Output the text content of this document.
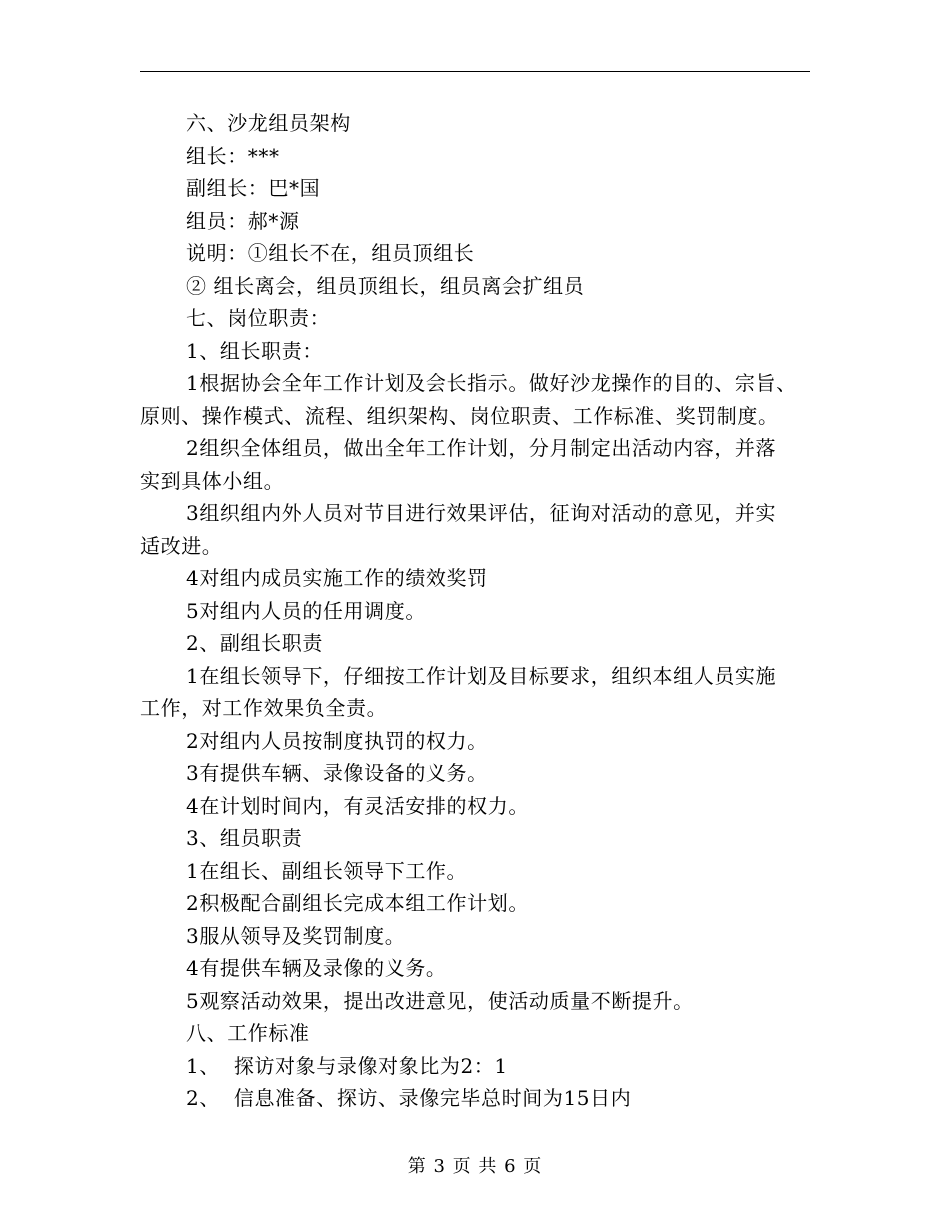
六、沙龙组员架构
组长：***
副组长：巴*国
组员：郝*源
说明：①组长不在，组员顶组长
② 组长离会，组员顶组长，组员离会扩组员
七、岗位职责：
1、组长职责：
1根据协会全年工作计划及会长指示。做好沙龙操作的目的、宗旨、
原则、操作模式、流程、组织架构、岗位职责、工作标准、奖罚制度。
2组织全体组员，做出全年工作计划，分月制定出活动内容，并落
实到具体小组。
3组织组内外人员对节目进行效果评估，征询对活动的意见，并实
适改进。
4对组内成员实施工作的绩效奖罚
5对组内人员的任用调度。
2、副组长职责
1在组长领导下，仔细按工作计划及目标要求，组织本组人员实施
工作，对工作效果负全责。
2对组内人员按制度执罚的权力。
3有提供车辆、录像设备的义务。
4在计划时间内，有灵活安排的权力。
3、组员职责
1在组长、副组长领导下工作。
2积极配合副组长完成本组工作计划。
3服从领导及奖罚制度。
4有提供车辆及录像的义务。
5观察活动效果，提出改进意见，使活动质量不断提升。
八、工作标准
1、  探访对象与录像对象比为2：1
2、  信息准备、探访、录像完毕总时间为15日内
第 3 页 共 6 页
